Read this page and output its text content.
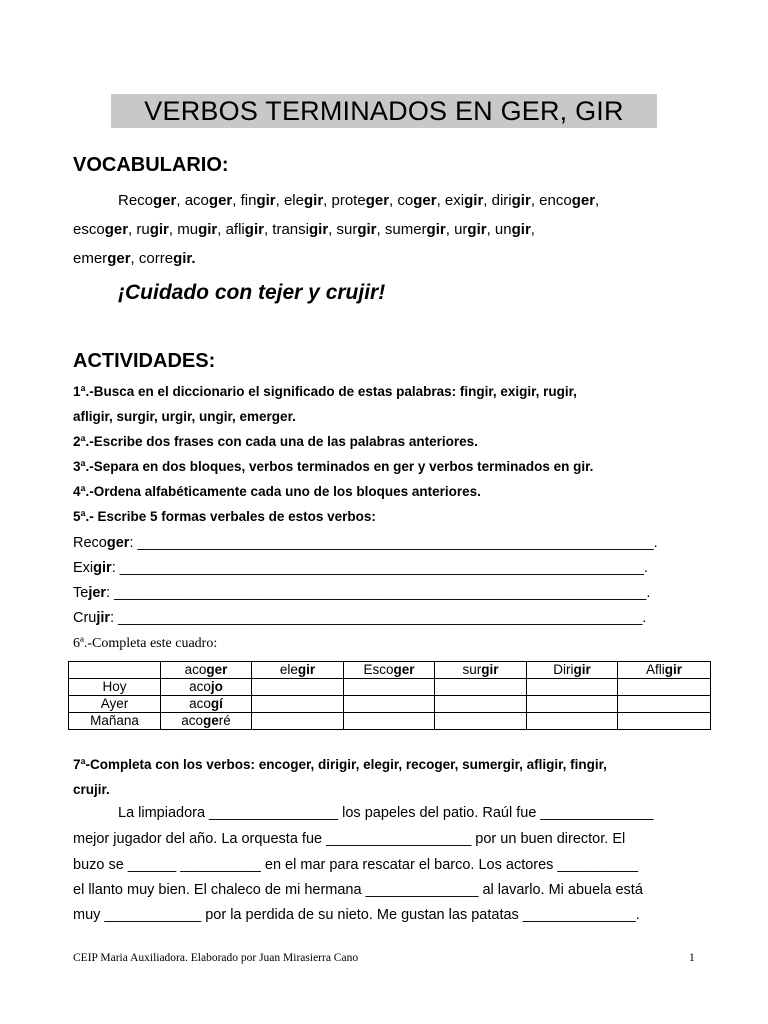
VERBOS TERMINADOS EN GER, GIR
VOCABULARIO:
Recoger, acoger, fingir, elegir, proteger, coger, exigir, dirigir, encoger,
escoger, rugir, mugir, afligir, transigir, surgir, sumergir, urgir, ungir,
emerger, corregir.
¡Cuidado con tejer y crujir!
ACTIVIDADES:
1ª.-Busca en el diccionario el significado de estas palabras: fingir, exigir, rugir,
afligir, surgir, urgir, ungir, emerger.
2ª.-Escribe dos frases con cada una de las palabras anteriores.
3ª.-Separa en dos bloques, verbos terminados en ger y verbos terminados en gir.
4ª.-Ordena alfabéticamente cada uno de los bloques anteriores.
5ª.- Escribe 5 formas verbales de estos verbos:
Recoger: ________________________________________________________________.
Exigir: _________________________________________________________________.
Tejer: __________________________________________________________________.
Crujir: _________________________________________________________________.
6ª.-Completa este cuadro:
	acoger	elegir	Escoger	surgir	Dirigir	Afligir
Hoy	acojo					
Ayer	acogí					
Mañana	acogeré					
7ª-Completa con los verbos: encoger, dirigir, elegir, recoger, sumergir, afligir, fingir,
crujir.
La limpiadora ________________ los papeles del patio. Raúl fue ______________
mejor jugador del año. La orquesta fue __________________ por un buen director. El
buzo se ______ __________ en el mar para rescatar el barco. Los actores __________
el llanto muy bien. El chaleco de mi hermana ______________ al lavarlo. Mi abuela está
muy ____________ por la perdida de su nieto. Me gustan las patatas ______________.
CEIP Maria Auxiliadora. Elaborado por Juan Mirasierra Cano	1
